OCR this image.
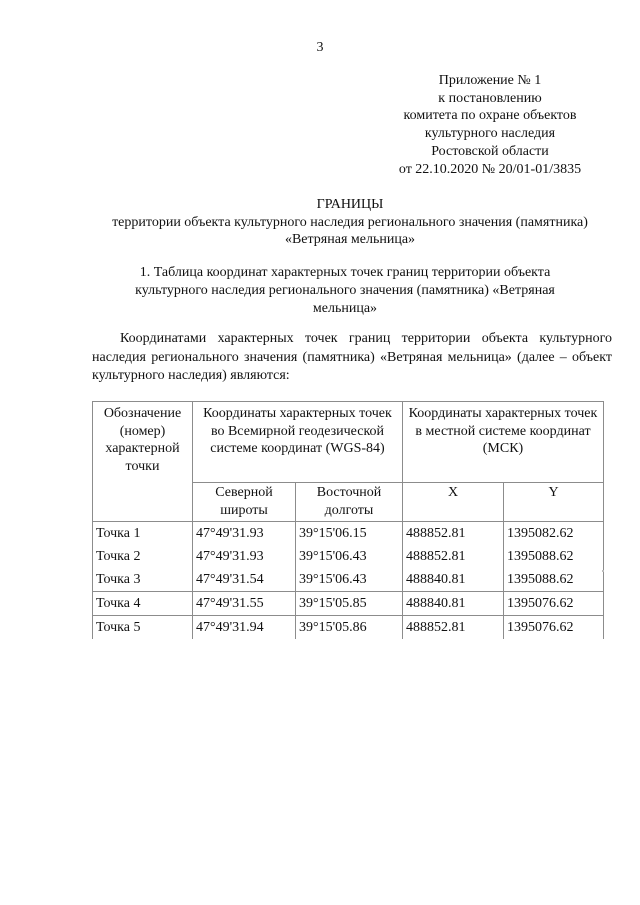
3
Приложение № 1
к постановлению
комитета по охране объектов
культурного наследия
Ростовской области
от 22.10.2020 № 20/01-01/3835
ГРАНИЦЫ
территории объекта культурного наследия регионального значения (памятника)
«Ветряная мельница»
1. Таблица координат характерных точек границ территории объекта культурного наследия регионального значения (памятника) «Ветряная мельница»
Координатами характерных точек границ территории объекта культурного наследия регионального значения (памятника) «Ветряная мельница» (далее – объект культурного наследия) являются:
Обозначение (номер) характерной точки	Координаты характерных точек во Всемирной геодезической системе координат (WGS-84)		Координаты характерных точек в местной системе координат (МСК)	
	Северной широты	Восточной долготы	X	Y
Точка 1	47°49'31.93	39°15'06.15	488852.81	1395082.62
Точка 2	47°49'31.93	39°15'06.43	488852.81	1395088.62
Точка 3	47°49'31.54	39°15'06.43	488840.81	1395088.62
Точка 4	47°49'31.55	39°15'05.85	488840.81	1395076.62
Точка 5	47°49'31.94	39°15'05.86	488852.81	1395076.62
